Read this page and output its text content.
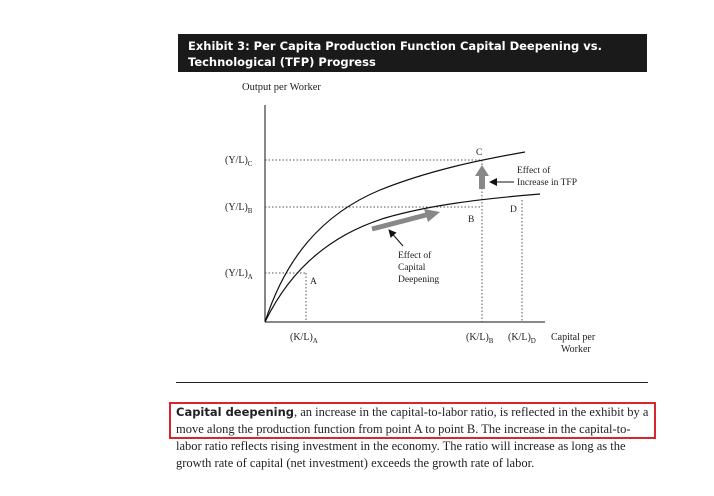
Exhibit 3: Per Capita Production Function Capital Deepening vs.
Technological (TFP) Progress
Output per Worker
$(Y/L)_C$
$(Y/L)_B$
$(Y/L)_A$
$(K/L)_A$	$(K/L)_B$ $(K/L)_D$ Capital per
Worker
A
B
C
D
Effect of
Increase in TFP
Effect of
Capital
Deepening

Capital deepening, an increase in the capital-to-labor ratio, is reflected in the exhibit by a move along the production function from point A to point B. The increase in the capital-to-labor ratio reflects rising investment in the economy. The ratio will increase as long as the growth rate of capital (net investment) exceeds the growth rate of labor.
